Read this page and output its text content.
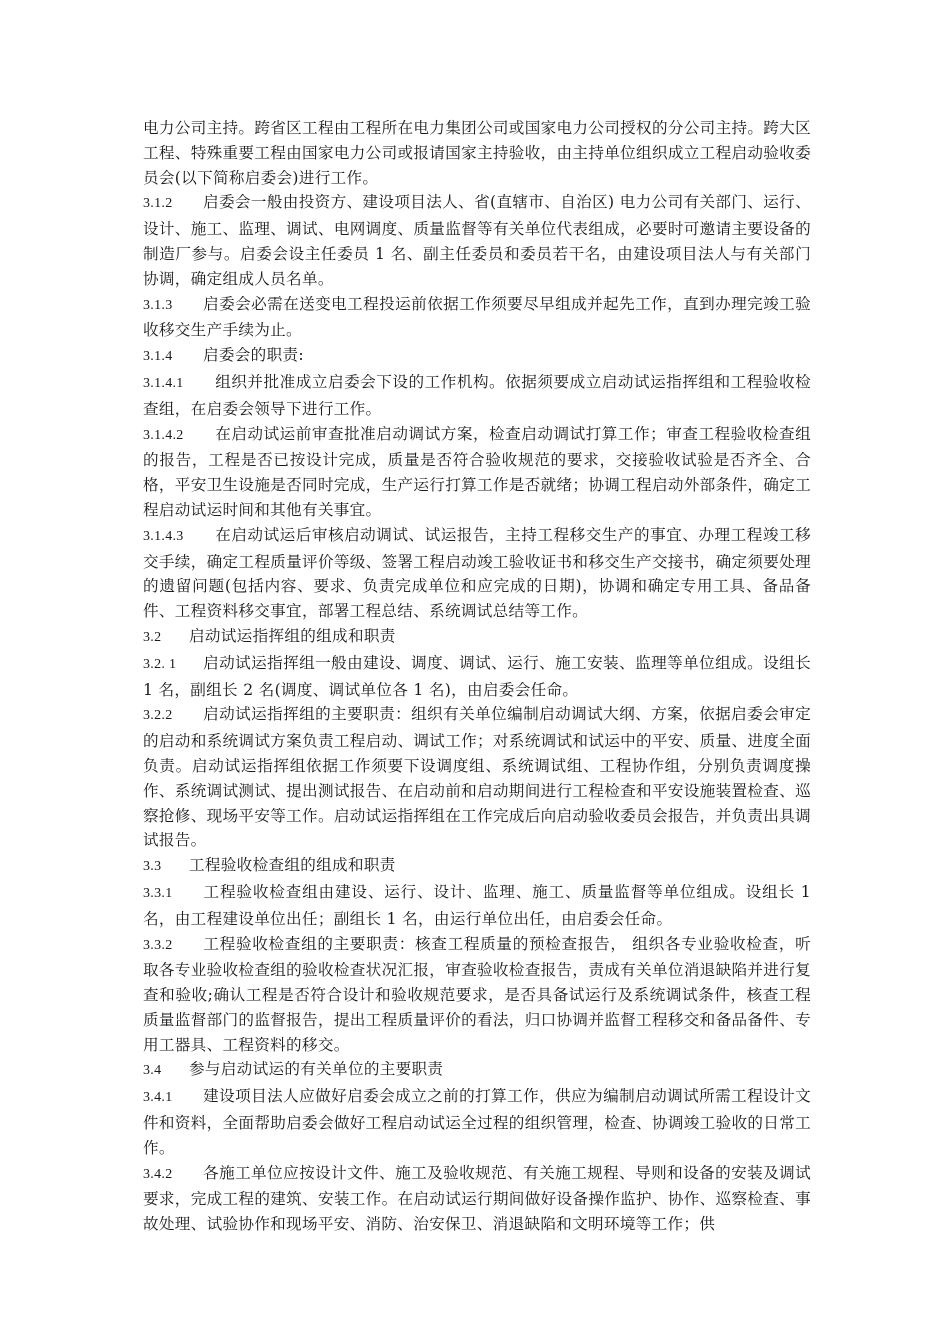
电力公司主持。跨省区工程由工程所在电力集团公司或国家电力公司授权的分公司主持。跨大区工程、特殊重要工程由国家电力公司或报请国家主持验收，由主持单位组织成立工程启动验收委员会(以下简称启委会)进行工作。

3.1.2 启委会一般由投资方、建设项目法人、省(直辖市、自治区) 电力公司有关部门、运行、设计、施工、监理、调试、电网调度、质量监督等有关单位代表组成，必要时可邀请主要设备的制造厂参与。启委会设主任委员 1 名、副主任委员和委员若干名，由建设项目法人与有关部门协调，确定组成人员名单。

3.1.3 启委会必需在送变电工程投运前依据工作须要尽早组成并起先工作，直到办理完竣工验收移交生产手续为止。

3.1.4 启委会的职责:

3.1.4.1 组织并批准成立启委会下设的工作机构。依据须要成立启动试运指挥组和工程验收检查组，在启委会领导下进行工作。

3.1.4.2 在启动试运前审查批准启动调试方案，检查启动调试打算工作；审查工程验收检查组的报告，工程是否已按设计完成，质量是否符合验收规范的要求，交接验收试验是否齐全、合格，平安卫生设施是否同时完成，生产运行打算工作是否就绪；协调工程启动外部条件，确定工程启动试运时间和其他有关事宜。

3.1.4.3 在启动试运后审核启动调试、试运报告，主持工程移交生产的事宜、办理工程竣工移交手续，确定工程质量评价等级、签署工程启动竣工验收证书和移交生产交接书，确定须要处理的遗留问题(包括内容、要求、负责完成单位和应完成的日期)，协调和确定专用工具、备品备件、工程资料移交事宜，部署工程总结、系统调试总结等工作。

3.2 启动试运指挥组的组成和职责

3.2. 1 启动试运指挥组一般由建设、调度、调试、运行、施工安装、监理等单位组成。设组长 1 名，副组长 2 名(调度、调试单位各 1 名)，由启委会任命。

3.2.2 启动试运指挥组的主要职责：组织有关单位编制启动调试大纲、方案，依据启委会审定的启动和系统调试方案负责工程启动、调试工作；对系统调试和试运中的平安、质量、进度全面负责。启动试运指挥组依据工作须要下设调度组、系统调试组、工程协作组，分别负责调度操作、系统调试测试、提出测试报告、在启动前和启动期间进行工程检查和平安设施装置检查、巡察抢修、现场平安等工作。启动试运指挥组在工作完成后向启动验收委员会报告，并负责出具调试报告。

3.3 工程验收检查组的组成和职责

3.3.1 工程验收检查组由建设、运行、设计、监理、施工、质量监督等单位组成。设组长 1 名，由工程建设单位出任；副组长 1 名，由运行单位出任，由启委会任命。

3.3.2 工程验收检查组的主要职责：核查工程质量的预检查报告， 组织各专业验收检查，听取各专业验收检查组的验收检查状况汇报，审查验收检查报告，责成有关单位消退缺陷并进行复查和验收;确认工程是否符合设计和验收规范要求，是否具备试运行及系统调试条件，核查工程质量监督部门的监督报告，提出工程质量评价的看法，归口协调并监督工程移交和备品备件、专用工器具、工程资料的移交。

3.4 参与启动试运的有关单位的主要职责

3.4.1 建设项目法人应做好启委会成立之前的打算工作，供应为编制启动调试所需工程设计文件和资料，全面帮助启委会做好工程启动试运全过程的组织管理，检查、协调竣工验收的日常工作。

3.4.2 各施工单位应按设计文件、施工及验收规范、有关施工规程、导则和设备的安装及调试要求，完成工程的建筑、安装工作。在启动试运行期间做好设备操作监护、协作、巡察检查、事故处理、试验协作和现场平安、消防、治安保卫、消退缺陷和文明环境等工作；供
